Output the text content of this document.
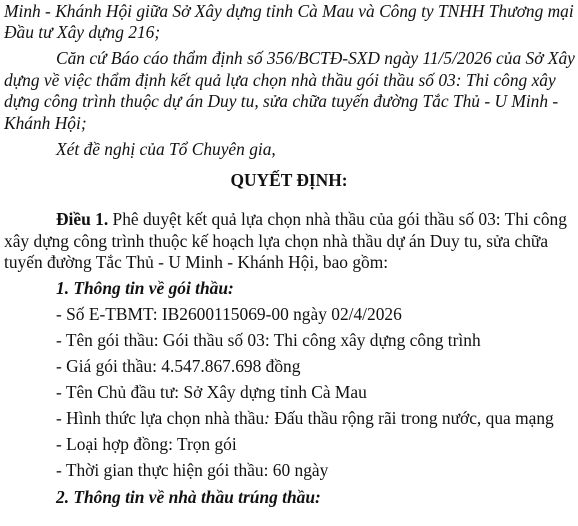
Minh - Khánh Hội giữa Sở Xây dựng tỉnh Cà Mau và Công ty TNHH Thương mại
Đầu tư Xây dựng 216;
Căn cứ Báo cáo thẩm định số 356/BCTĐ-SXD ngày 11/5/2026 của Sở Xây
dựng về việc thẩm định kết quả lựa chọn nhà thầu gói thầu số 03: Thi công xây
dựng công trình thuộc dự án Duy tu, sửa chữa tuyến đường Tắc Thủ - U Minh -
Khánh Hội;
Xét đề nghị của Tổ Chuyên gia,
QUYẾT ĐỊNH:
Điều 1. Phê duyệt kết quả lựa chọn nhà thầu của gói thầu số 03: Thi công
xây dựng công trình thuộc kế hoạch lựa chọn nhà thầu dự án Duy tu, sửa chữa
tuyến đường Tắc Thủ - U Minh - Khánh Hội, bao gồm:
1. Thông tin về gói thầu:
- Số E-TBMT: IB2600115069-00 ngày 02/4/2026
- Tên gói thầu: Gói thầu số 03: Thi công xây dựng công trình
- Giá gói thầu: 4.547.867.698 đồng
- Tên Chủ đầu tư: Sở Xây dựng tỉnh Cà Mau
- Hình thức lựa chọn nhà thầu: Đấu thầu rộng rãi trong nước, qua mạng
- Loại hợp đồng: Trọn gói
- Thời gian thực hiện gói thầu: 60 ngày
2. Thông tin về nhà thầu trúng thầu:
